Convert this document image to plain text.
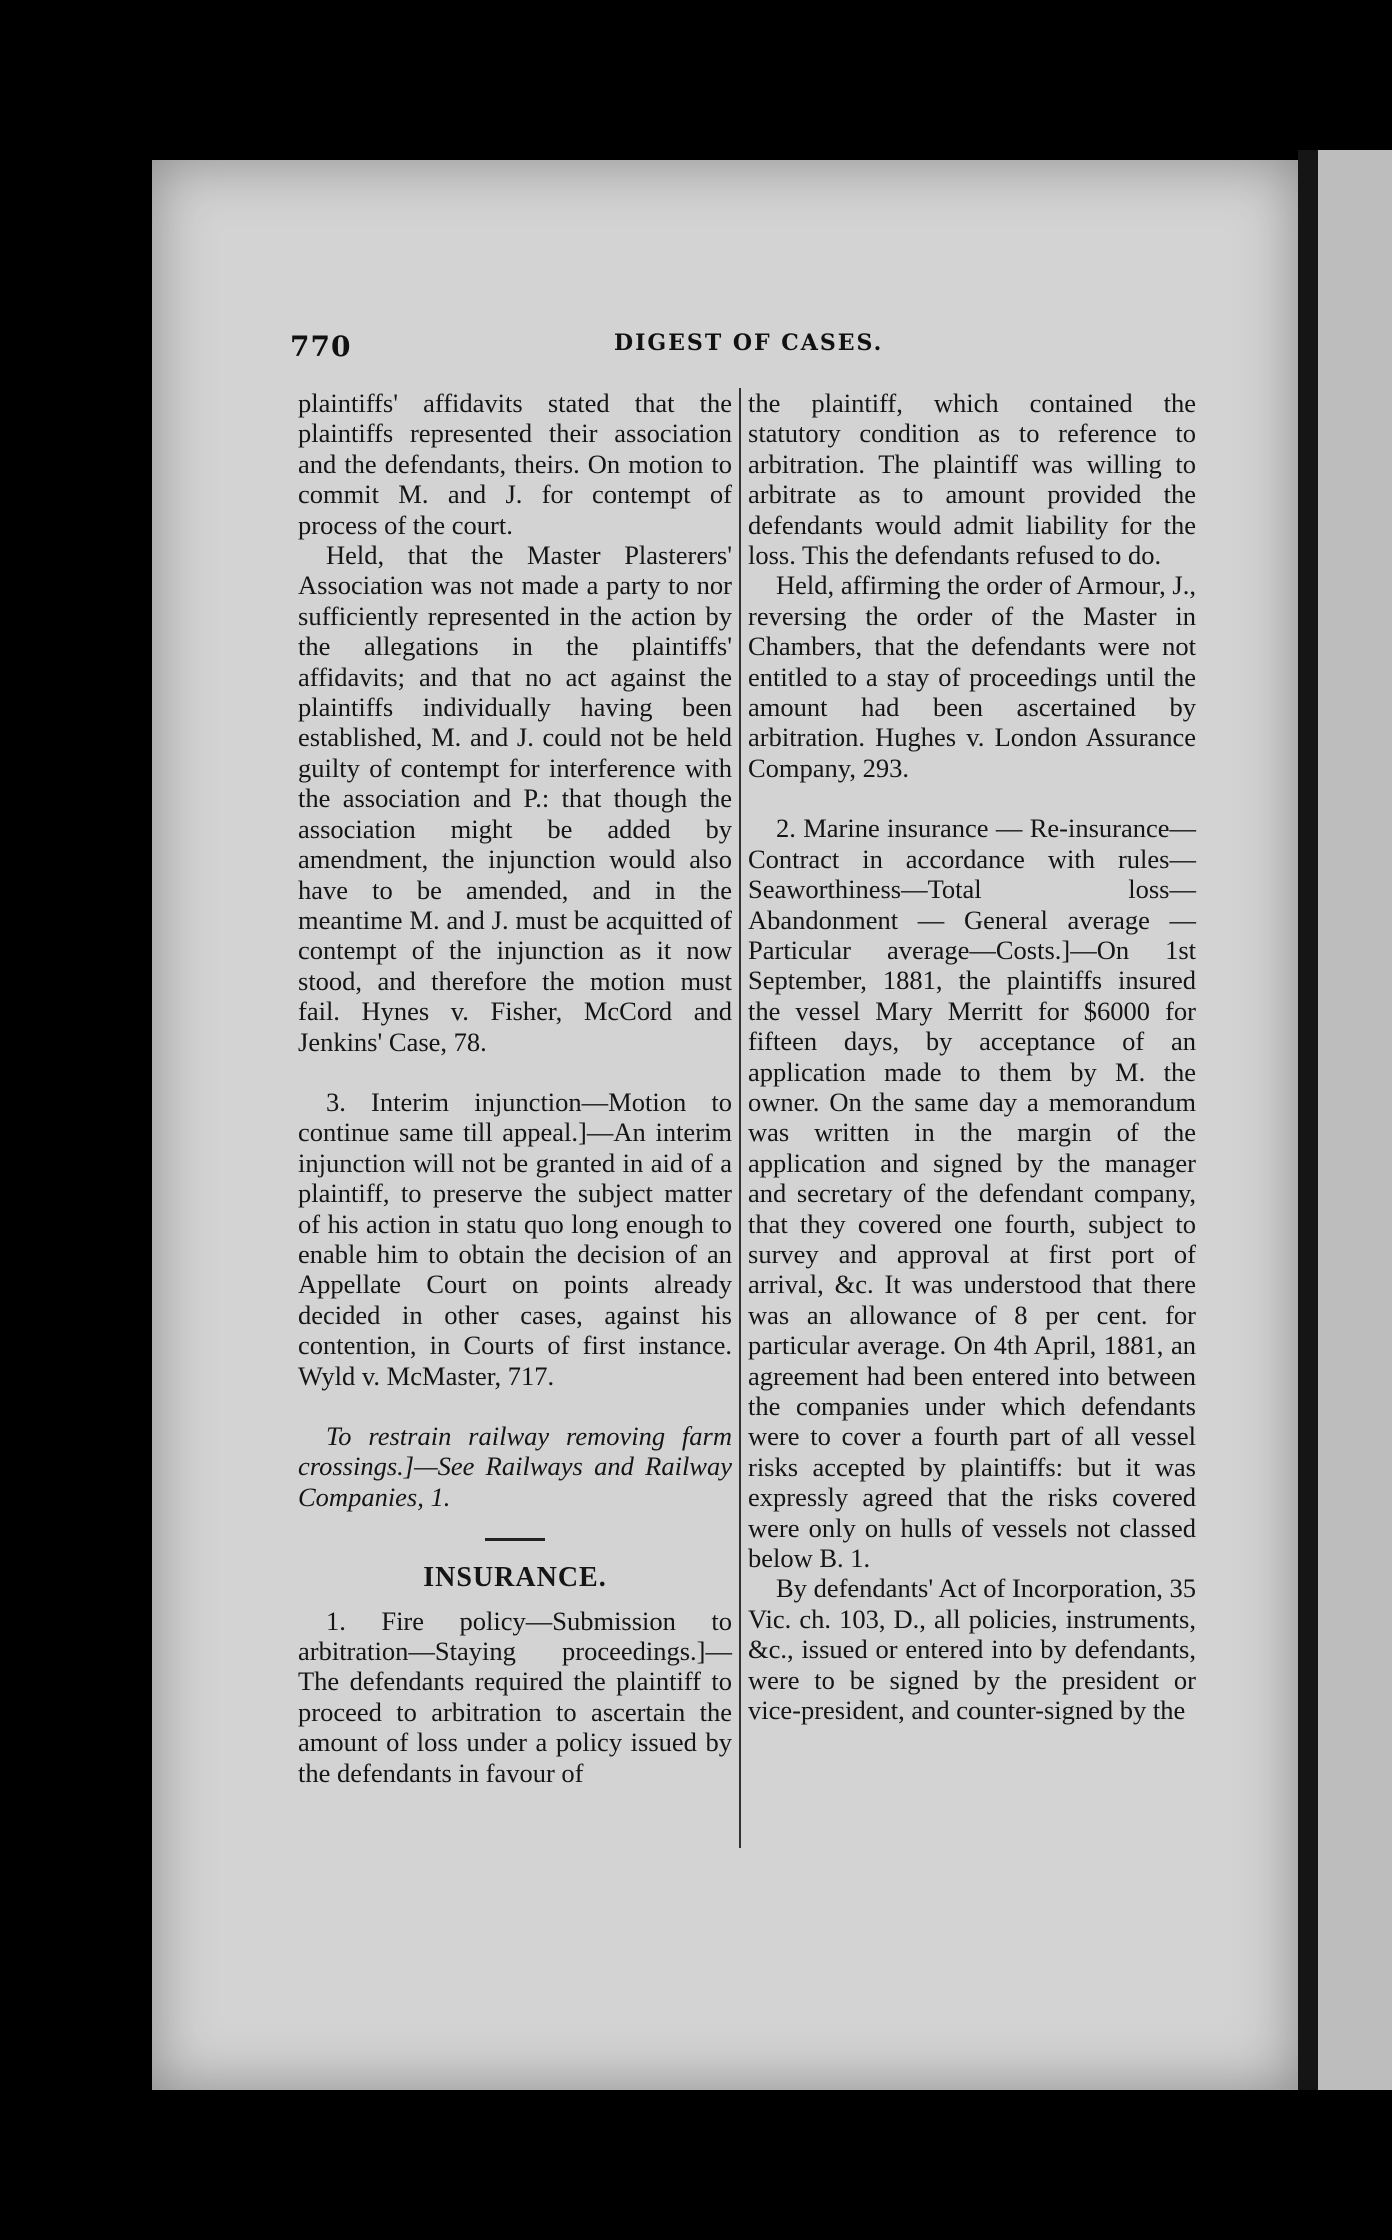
770	DIGEST OF CASES.

plaintiffs' affidavits stated that the plaintiffs represented their association and the defendants, theirs. On motion to commit M. and J. for contempt of process of the court.

Held, that the Master Plasterers' Association was not made a party to nor sufficiently represented in the action by the allegations in the plaintiffs' affidavits; and that no act against the plaintiffs individually having been established, M. and J. could not be held guilty of contempt for interference with the association and P.: that though the association might be added by amendment, the injunction would also have to be amended, and in the meantime M. and J. must be acquitted of contempt of the injunction as it now stood, and therefore the motion must fail. Hynes v. Fisher, McCord and Jenkins' Case, 78.

3. Interim injunction—Motion to continue same till appeal.]—An interim injunction will not be granted in aid of a plaintiff, to preserve the subject matter of his action in statu quo long enough to enable him to obtain the decision of an Appellate Court on points already decided in other cases, against his contention, in Courts of first instance. Wyld v. McMaster, 717.

To restrain railway removing farm crossings.]—See Railways and Railway Companies, 1.

INSURANCE.

1. Fire policy—Submission to arbitration—Staying proceedings.]—The defendants required the plaintiff to proceed to arbitration to ascertain the amount of loss under a policy issued by the defendants in favour of

the plaintiff, which contained the statutory condition as to reference to arbitration. The plaintiff was willing to arbitrate as to amount provided the defendants would admit liability for the loss. This the defendants refused to do.

Held, affirming the order of Armour, J., reversing the order of the Master in Chambers, that the defendants were not entitled to a stay of proceedings until the amount had been ascertained by arbitration. Hughes v. London Assurance Company, 293.

2. Marine insurance — Re-insurance—Contract in accordance with rules—Seaworthiness—Total loss—Abandonment — General average — Particular average—Costs.]—On 1st September, 1881, the plaintiffs insured the vessel Mary Merritt for $6000 for fifteen days, by acceptance of an application made to them by M. the owner. On the same day a memorandum was written in the margin of the application and signed by the manager and secretary of the defendant company, that they covered one fourth, subject to survey and approval at first port of arrival, &c. It was understood that there was an allowance of 8 per cent. for particular average. On 4th April, 1881, an agreement had been entered into between the companies under which defendants were to cover a fourth part of all vessel risks accepted by plaintiffs: but it was expressly agreed that the risks covered were only on hulls of vessels not classed below B. 1.

By defendants' Act of Incorporation, 35 Vic. ch. 103, D., all policies, instruments, &c., issued or entered into by defendants, were to be signed by the president or vice-president, and counter-signed by the
